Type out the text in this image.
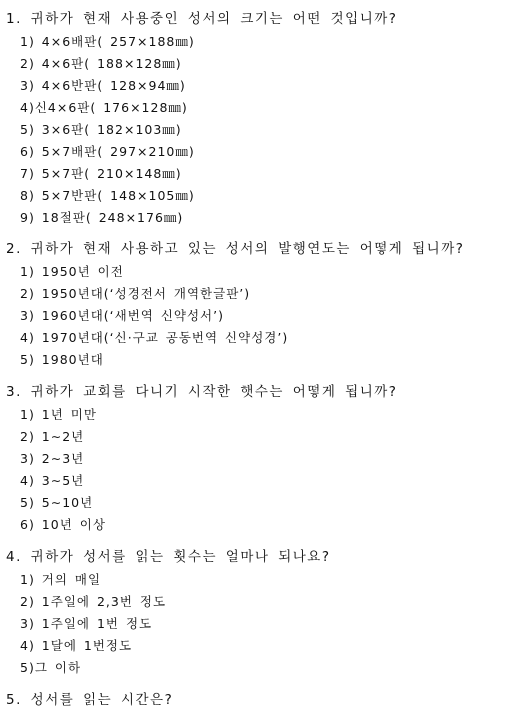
1. 귀하가 현재 사용중인 성서의 크기는 어떤 것입니까?
1) 4×6배판( 257×188㎜)
2) 4×6판( 188×128㎜)
3) 4×6반판( 128×94㎜)
4)신4×6판( 176×128㎜)
5) 3×6판( 182×103㎜)
6) 5×7배판( 297×210㎜)
7) 5×7판( 210×148㎜)
8) 5×7반판( 148×105㎜)
9) 18절판( 248×176㎜)
2. 귀하가 현재 사용하고 있는 성서의 발행연도는 어떻게 됩니까?
1) 1950년 이전
2) 1950년대(‘성경전서 개역한글판’)
3) 1960년대(‘새번역 신약성서’)
4) 1970년대(‘신·구교 공동번역 신약성경’)
5) 1980년대
3. 귀하가 교회를 다니기 시작한 햇수는 어떻게 됩니까?
1) 1년 미만
2) 1∼2년
3) 2∼3년
4) 3∼5년
5) 5∼10년
6) 10년 이상
4. 귀하가 성서를 읽는 횟수는 얼마나 되나요?
1) 거의 매일
2) 1주일에 2,3번 정도
3) 1주일에 1번 정도
4) 1달에 1번정도
5)그 이하
5. 성서를 읽는 시간은?
